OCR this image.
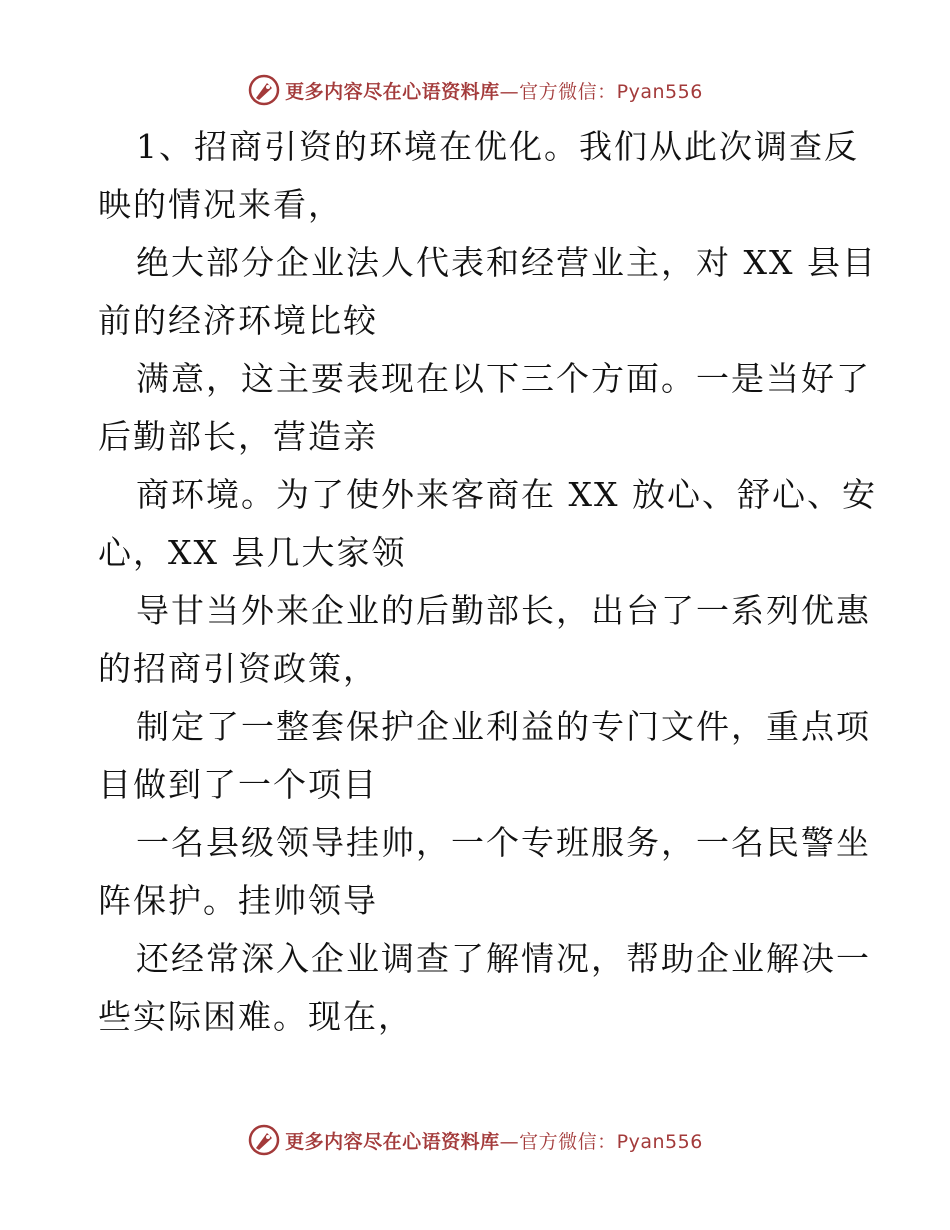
更多内容尽在心语资料库—官方微信：Pyan556
1、招商引资的环境在优化。我们从此次调查反
映的情况来看，
绝大部分企业法人代表和经营业主，对 XX 县目
前的经济环境比较
满意，这主要表现在以下三个方面。一是当好了
后勤部长，营造亲
商环境。为了使外来客商在 XX 放心、舒心、安
心，XX 县几大家领
导甘当外来企业的后勤部长，出台了一系列优惠
的招商引资政策，
制定了一整套保护企业利益的专门文件，重点项
目做到了一个项目
一名县级领导挂帅，一个专班服务，一名民警坐
阵保护。挂帅领导
还经常深入企业调查了解情况，帮助企业解决一
些实际困难。现在，
更多内容尽在心语资料库—官方微信：Pyan556
